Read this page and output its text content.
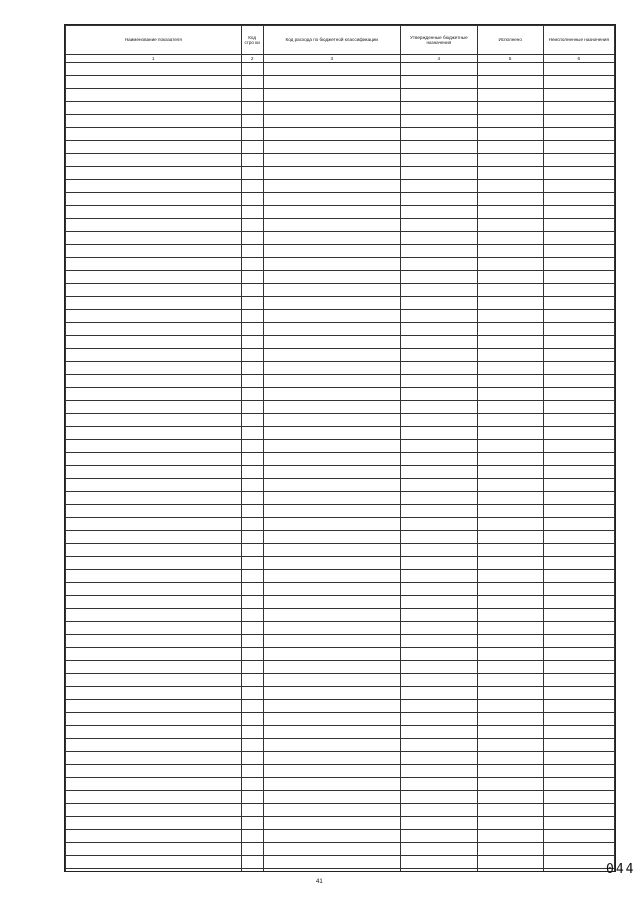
Наименование показателя	Код стро ки	Код расхода по бюджетной классификации	Утвержденные бюджетные назначения	Исполнено	Неисполненные назначения
1	2	3	4	5	6

41
044
